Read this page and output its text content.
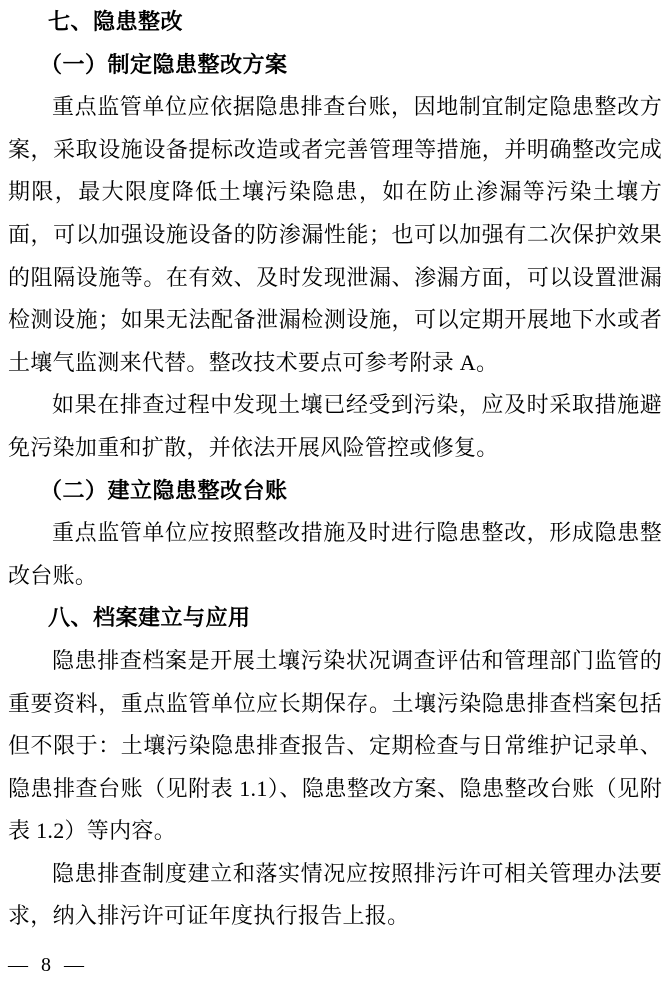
七、隐患整改
（一）制定隐患整改方案

重点监管单位应依据隐患排查台账，因地制宜制定隐患整改方案，采取设施设备提标改造或者完善管理等措施，并明确整改完成期限，最大限度降低土壤污染隐患，如在防止渗漏等污染土壤方面，可以加强设施设备的防渗漏性能；也可以加强有二次保护效果的阻隔设施等。在有效、及时发现泄漏、渗漏方面，可以设置泄漏检测设施；如果无法配备泄漏检测设施，可以定期开展地下水或者土壤气监测来代替。整改技术要点可参考附录 A。

如果在排查过程中发现土壤已经受到污染，应及时采取措施避免污染加重和扩散，并依法开展风险管控或修复。

（二）建立隐患整改台账

重点监管单位应按照整改措施及时进行隐患整改，形成隐患整改台账。

八、档案建立与应用

隐患排查档案是开展土壤污染状况调查评估和管理部门监管的重要资料，重点监管单位应长期保存。土壤污染隐患排查档案包括但不限于：土壤污染隐患排查报告、定期检查与日常维护记录单、隐患排查台账（见附表 1.1）、隐患整改方案、隐患整改台账（见附表 1.2）等内容。

隐患排查制度建立和落实情况应按照排污许可相关管理办法要求，纳入排污许可证年度执行报告上报。

— 8 —
